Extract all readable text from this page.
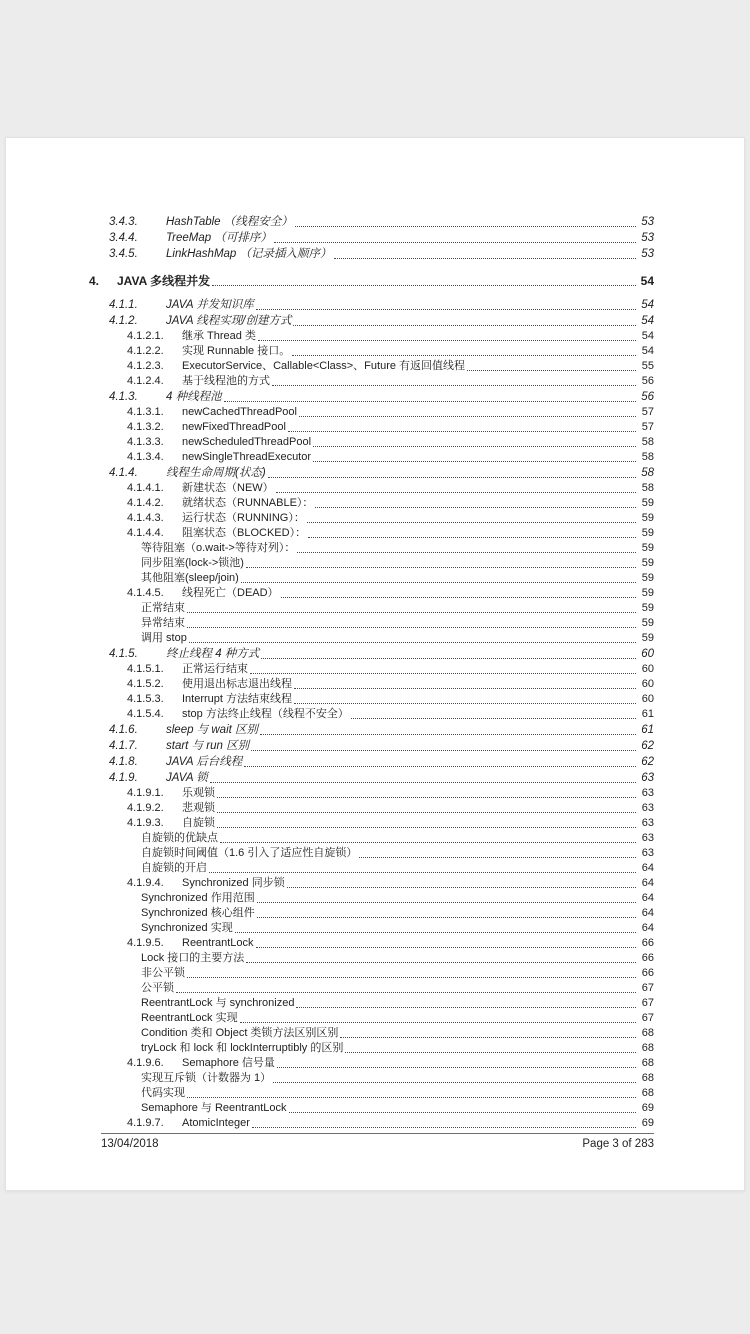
3.4.3.	HashTable （线程安全）	53
3.4.4.	TreeMap （可排序）	53
3.4.5.	LinkHashMap （记录插入顺序）	53
4.	JAVA 多线程并发	54
4.1.1.	JAVA 并发知识库	54
4.1.2.	JAVA 线程实现/创建方式	54
4.1.2.1.	继承 Thread 类	54
4.1.2.2.	实现 Runnable 接口。	54
4.1.2.3.	ExecutorService、Callable<Class>、Future 有返回值线程	55
4.1.2.4.	基于线程池的方式	56
4.1.3.	4 种线程池	56
4.1.3.1.	newCachedThreadPool	57
4.1.3.2.	newFixedThreadPool	57
4.1.3.3.	newScheduledThreadPool	58
4.1.3.4.	newSingleThreadExecutor	58
4.1.4.	线程生命周期(状态)	58
4.1.4.1.	新建状态（NEW）	58
4.1.4.2.	就绪状态（RUNNABLE）：	59
4.1.4.3.	运行状态（RUNNING）：	59
4.1.4.4.	阻塞状态（BLOCKED）：	59
等待阻塞（o.wait->等待对列）：	59
同步阻塞(lock->锁池)	59
其他阻塞(sleep/join)	59
4.1.4.5.	线程死亡（DEAD）	59
正常结束	59
异常结束	59
调用 stop	59
4.1.5.	终止线程 4 种方式	60
4.1.5.1.	正常运行结束	60
4.1.5.2.	使用退出标志退出线程	60
4.1.5.3.	Interrupt 方法结束线程	60
4.1.5.4.	stop 方法终止线程（线程不安全）	61
4.1.6.	sleep 与 wait 区别	61
4.1.7.	start 与 run 区别	62
4.1.8.	JAVA 后台线程	62
4.1.9.	JAVA 锁	63
4.1.9.1.	乐观锁	63
4.1.9.2.	悲观锁	63
4.1.9.3.	自旋锁	63
自旋锁的优缺点	63
自旋锁时间阈值（1.6 引入了适应性自旋锁）	63
自旋锁的开启	64
4.1.9.4.	Synchronized 同步锁	64
Synchronized 作用范围	64
Synchronized 核心组件	64
Synchronized 实现	64
4.1.9.5.	ReentrantLock	66
Lock 接口的主要方法	66
非公平锁	66
公平锁	67
ReentrantLock 与 synchronized	67
ReentrantLock 实现	67
Condition 类和 Object 类锁方法区别区别	68
tryLock 和 lock 和 lockInterruptibly 的区别	68
4.1.9.6.	Semaphore 信号量	68
实现互斥锁（计数器为 1）	68
代码实现	68
Semaphore 与 ReentrantLock	69
4.1.9.7.	AtomicInteger	69
13/04/2018	Page 3 of 283
